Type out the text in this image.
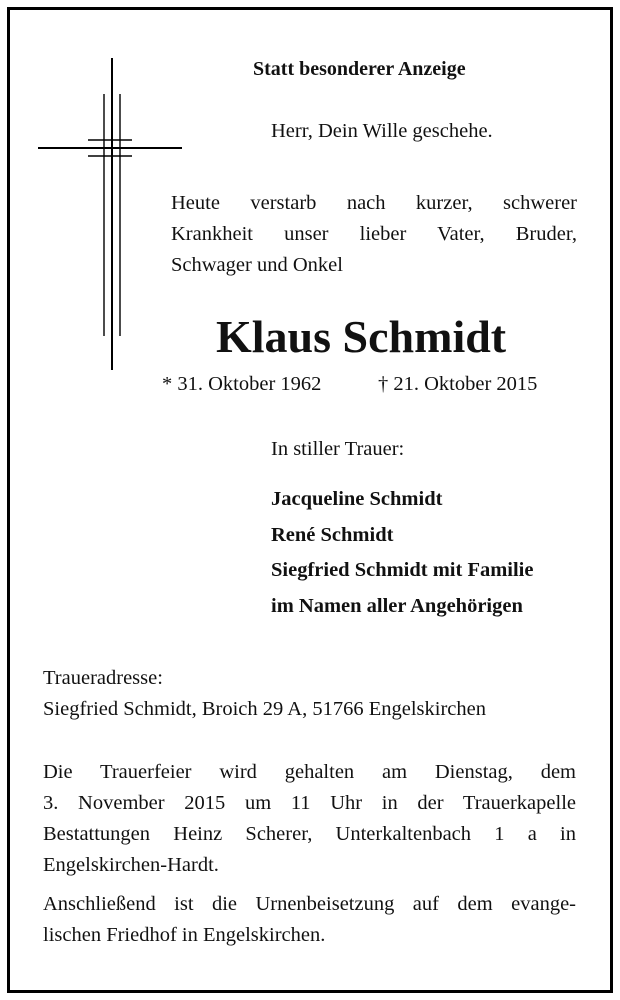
Statt besonderer Anzeige
Herr, Dein Wille geschehe.
Heute verstarb nach kurzer, schwerer
Krankheit unser lieber Vater, Bruder,
Schwager und Onkel
Klaus Schmidt
* 31. Oktober 1962	† 21. Oktober 2015
In stiller Trauer:
Jacqueline Schmidt
René Schmidt
Siegfried Schmidt mit Familie
im Namen aller Angehörigen
Traueradresse:
Siegfried Schmidt, Broich 29 A, 51766 Engelskirchen
Die Trauerfeier wird gehalten am Dienstag, dem
3. November 2015 um 11 Uhr in der Trauerkapelle
Bestattungen Heinz Scherer, Unterkaltenbach 1 a in
Engelskirchen-Hardt.
Anschließend ist die Urnenbeisetzung auf dem evange-
lischen Friedhof in Engelskirchen.
